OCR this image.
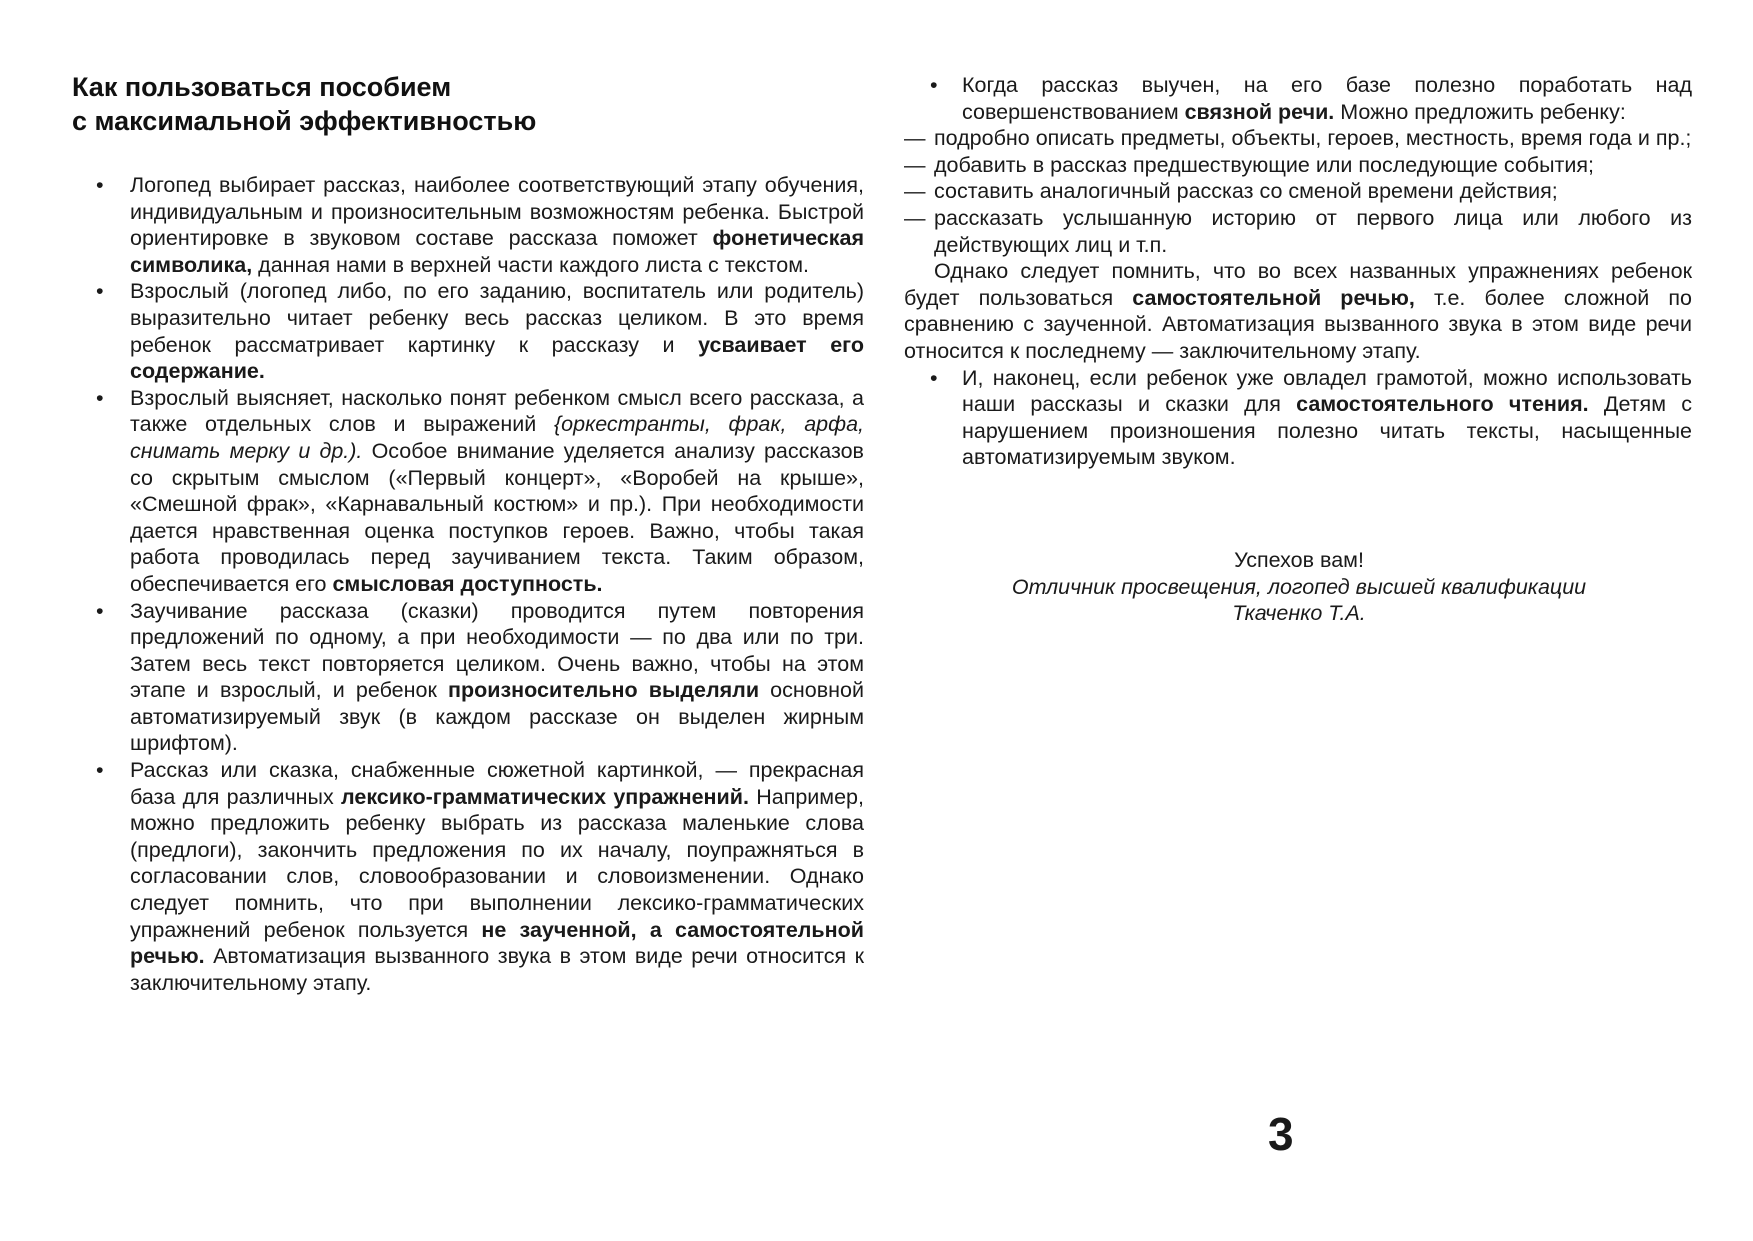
Как пользоваться пособием
с максимальной эффективностью
•	Логопед выбирает рассказ, наиболее соответствующий этапу обучения, индивидуальным и произносительным возможностям ребенка. Быстрой ориентировке в звуковом составе рассказа поможет фонетическая символика, данная нами в верхней части каждого листа с текстом.
•	Взрослый (логопед либо, по его заданию, воспитатель или родитель) выразительно читает ребенку весь рассказ целиком. В это время ребенок рассматривает картинку к рассказу и усваивает его содержание.
•	Взрослый выясняет, насколько понят ребенком смысл всего рассказа, а также отдельных слов и выражений {оркестранты, фрак, арфа, снимать мерку и др.). Особое внимание уделяется анализу рассказов со скрытым смыслом («Первый концерт», «Воробей на крыше», «Смешной фрак», «Карнавальный костюм» и пр.). При необходимости дается нравственная оценка поступков героев. Важно, чтобы такая работа проводилась перед заучиванием текста. Таким образом, обеспечивается его смысловая доступность.
•	Заучивание рассказа (сказки) проводится путем повторения предложений по одному, а при необходимости — по два или по три. Затем весь текст повторяется целиком. Очень важно, чтобы на этом этапе и взрослый, и ребенок произносительно выделяли основной автоматизируемый звук (в каждом рассказе он выделен жирным шрифтом).
•	Рассказ или сказка, снабженные сюжетной картинкой, — прекрасная база для различных лексико-грамматических упражнений. Например, можно предложить ребенку выбрать из рассказа маленькие слова (предлоги), закончить предложения по их началу, поупражняться в согласовании слов, словообразовании и словоизменении. Однако следует помнить, что при выполнении лексико-грамматических упражнений ребенок пользуется не заученной, а самостоятельной речью. Автоматизация вызванного звука в этом виде речи относится к заключительному этапу.
•	Когда рассказ выучен, на его базе полезно поработать над совершенствованием связной речи. Можно предложить ребенку:
— подробно описать предметы, объекты, героев, местность, время года и пр.;
— добавить в рассказ предшествующие или последующие события;
— составить аналогичный рассказ со сменой времени действия;
— рассказать услышанную историю от первого лица или любого из действующих лиц и т.п.

Однако следует помнить, что во всех названных упражнениях ребенок будет пользоваться самостоятельной речью, т.е. более сложной по сравнению с заученной. Автоматизация вызванного звука в этом виде речи относится к последнему — заключительному этапу.

•	И, наконец, если ребенок уже овладел грамотой, можно использовать наши рассказы и сказки для самостоятельного чтения. Детям с нарушением произношения полезно читать тексты, насыщенные автоматизируемым звуком.
Успехов вам!
Отличник просвещения, логопед высшей квалификации
Ткаченко Т.А.
3
